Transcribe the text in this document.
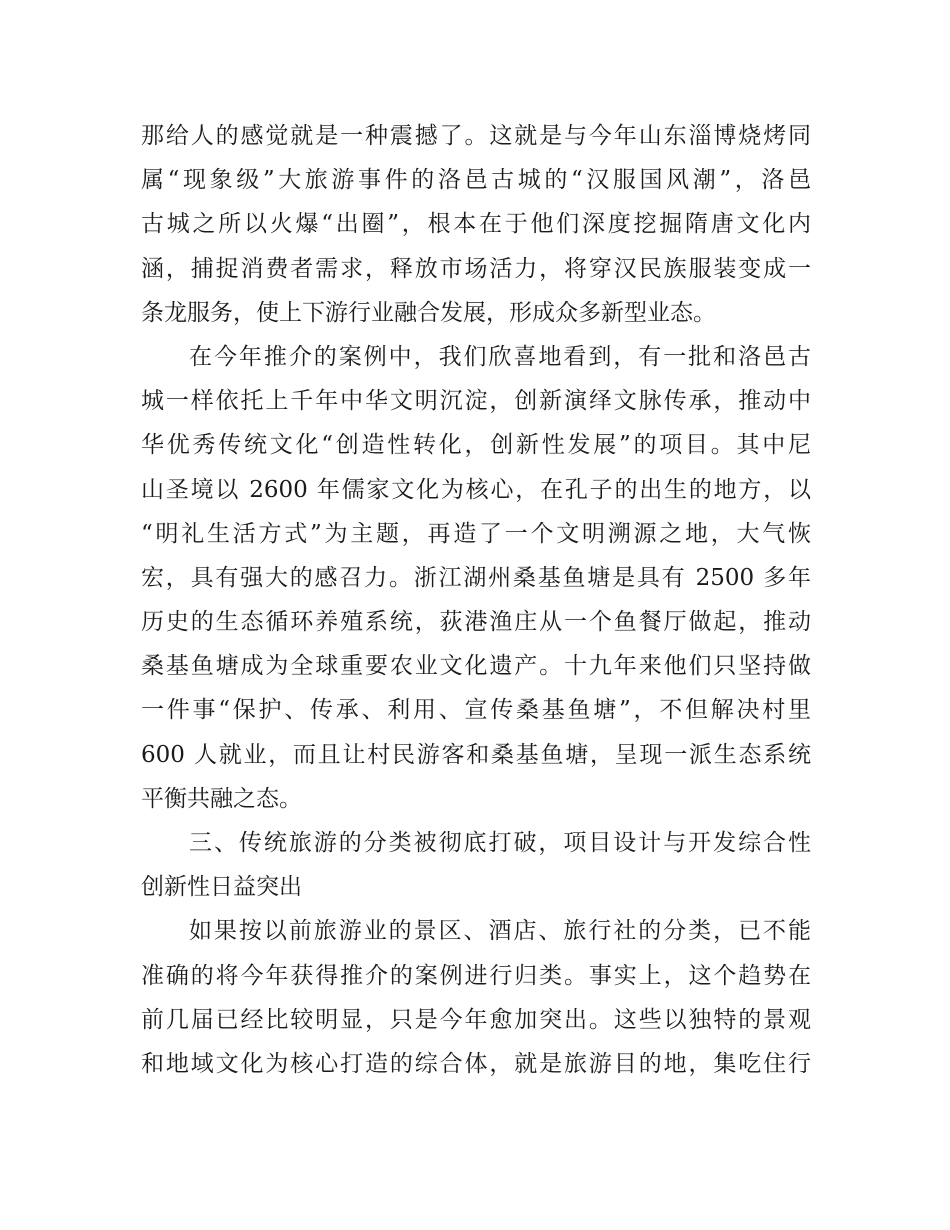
那给人的感觉就是一种震撼了。这就是与今年山东淄博烧烤同
属“现象级”大旅游事件的洛邑古城的“汉服国风潮”，洛邑
古城之所以火爆“出圈”，根本在于他们深度挖掘隋唐文化内
涵，捕捉消费者需求，释放市场活力，将穿汉民族服装变成一
条龙服务，使上下游行业融合发展，形成众多新型业态。
在今年推介的案例中，我们欣喜地看到，有一批和洛邑古
城一样依托上千年中华文明沉淀，创新演绎文脉传承，推动中
华优秀传统文化“创造性转化，创新性发展”的项目。其中尼
山圣境以 2600 年儒家文化为核心，在孔子的出生的地方，以
“明礼生活方式”为主题，再造了一个文明溯源之地，大气恢
宏，具有强大的感召力。浙江湖州桑基鱼塘是具有 2500 多年
历史的生态循环养殖系统，荻港渔庄从一个鱼餐厅做起，推动
桑基鱼塘成为全球重要农业文化遗产。十九年来他们只坚持做
一件事“保护、传承、利用、宣传桑基鱼塘”，不但解决村里
600 人就业，而且让村民游客和桑基鱼塘，呈现一派生态系统
平衡共融之态。
三、传统旅游的分类被彻底打破，项目设计与开发综合性
创新性日益突出
如果按以前旅游业的景区、酒店、旅行社的分类，已不能
准确的将今年获得推介的案例进行归类。事实上，这个趋势在
前几届已经比较明显，只是今年愈加突出。这些以独特的景观
和地域文化为核心打造的综合体，就是旅游目的地，集吃住行
